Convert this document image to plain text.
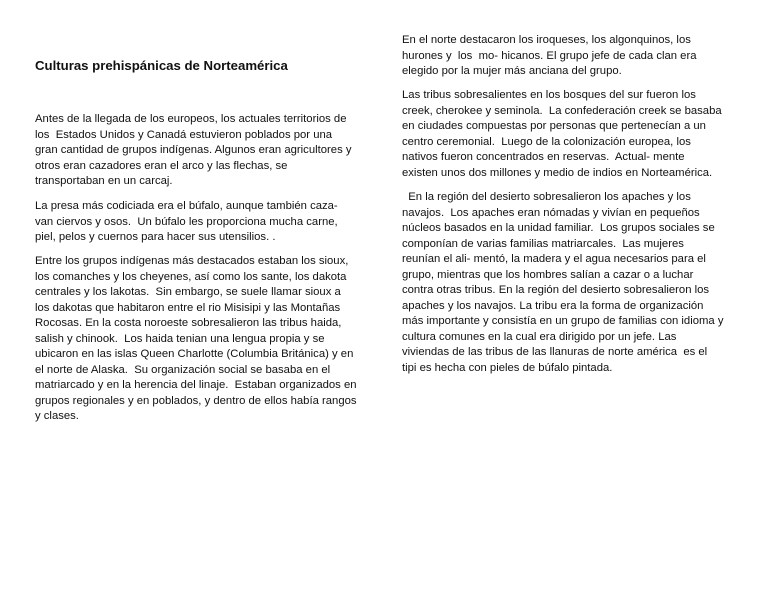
Culturas prehispánicas de Norteamérica
Antes de la llegada de los europeos, los actuales territorios de
los  Estados Unidos y Canadá estuvieron poblados por una
gran cantidad de grupos indígenas. Algunos eran agricultores y
otros eran cazadores eran el arco y las flechas, se
transportaban en un carcaj.
La presa más codiciada era el búfalo, aunque también caza-
van ciervos y osos.  Un búfalo les proporciona mucha carne,
piel, pelos y cuernos para hacer sus utensilios. .
Entre los grupos indígenas más destacados estaban los sioux,
los comanches y los cheyenes, así como los sante, los dakota
centrales y los lakotas.  Sin embargo, se suele llamar sioux a
los dakotas que habitaron entre el rio Misisipi y las Montañas
Rocosas. En la costa noroeste sobresalieron las tribus haida,
salish y chinook.  Los haida tenian una lengua propia y se
ubicaron en las islas Queen Charlotte (Columbia Británica) y en
el norte de Alaska.  Su organización social se basaba en el
matriarcado y en la herencia del linaje.  Estaban organizados en
grupos regionales y en poblados, y dentro de ellos había rangos
y clases.
En el norte destacaron los iroqueses, los algonquinos, los
hurones y  los  mo- hicanos. El grupo jefe de cada clan era
elegido por la mujer más anciana del grupo.
Las tribus sobresalientes en los bosques del sur fueron los
creek, cherokee y seminola.  La confederación creek se basaba
en ciudades compuestas por personas que pertenecían a un
centro ceremonial.  Luego de la colonización europea, los
nativos fueron concentrados en reservas.  Actual- mente
existen unos dos millones y medio de indios en Norteamérica.
En la región del desierto sobresalieron los apaches y los
navajos.  Los apaches eran nómadas y vivían en pequeños
núcleos basados en la unidad familiar.  Los grupos sociales se
componían de varias familias matriarcales.  Las mujeres
reunían el ali- mentó, la madera y el agua necesarios para el
grupo, mientras que los hombres salían a cazar o a luchar
contra otras tribus. En la región del desierto sobresalieron los
apaches y los navajos. La tribu era la forma de organización
más importante y consistía en un grupo de familias con idioma y
cultura comunes en la cual era dirigido por un jefe. Las
viviendas de las tribus de las llanuras de norte américa  es el
tipi es hecha con pieles de búfalo pintada.
